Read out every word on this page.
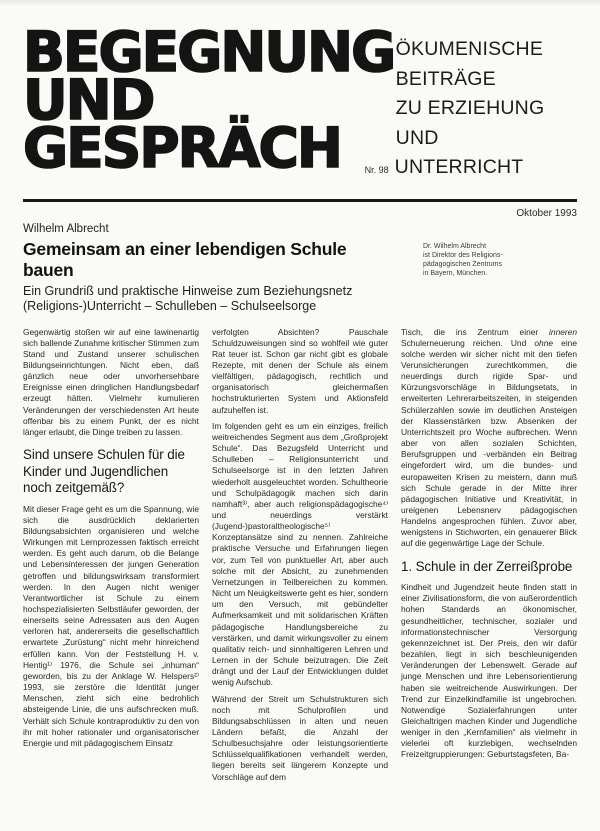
BEGEGNUNG
UND
GESPRÄCH
ÖKUMENISCHE
BEITRÄGE
ZU ERZIEHUNG
UND
Nr. 98 UNTERRICHT
Oktober 1993
Wilhelm Albrecht
Gemeinsam an einer lebendigen Schule bauen
Ein Grundriß und praktische Hinweise zum Beziehungsnetz
(Religions-)Unterricht – Schulleben – Schulseelsorge
Dr. Wilhelm Albrecht
ist Direktor des Religions-
pädagogischen Zentrums
in Bayern, München.

Gegenwärtig stoßen wir auf eine lawinenartig sich ballende Zunahme kritischer Stimmen zum Stand und Zustand unserer schulischen Bildungseinrichtungen. Nicht eben, daß gänzlich neue oder unvorhersehbare Ereignisse einen dringlichen Handlungsbedarf erzeugt hätten. Vielmehr kumulieren Veränderungen der verschiedensten Art heute offenbar bis zu einem Punkt, der es nicht länger erlaubt, die Dinge treiben zu lassen.

Sind unsere Schulen für die Kinder und Jugendlichen noch zeitgemäß?

Mit dieser Frage geht es um die Spannung, wie sich die ausdrücklich deklarierten Bildungsabsichten organisieren und welche Wirkungen mit Lernprozessen faktisch erreicht werden. Es geht auch darum, ob die Belange und Lebensinteressen der jungen Generation getroffen und bildungswirksam transformiert werden. In den Augen nicht weniger Verantwortlicher ist Schule zu einem hochspezialisierten Selbstläufer geworden, der einerseits seine Adressaten aus den Augen verloren hat, andererseits die gesellschaftlich erwartete „Zurüstung“ nicht mehr hinreichend erfüllen kann. Von der Feststellung H. v. Hentig¹⁾ 1976, die Schule sei „inhuman“ geworden, bis zu der Anklage W. Helspers²⁾ 1993, sie zerstöre die Identität junger Menschen, zieht sich eine bedrohlich absteigende Linie, die uns aufschrecken muß. Verhält sich Schule kontraproduktiv zu den von ihr mit hoher rationaler und organisatorischer Energie und mit pädagogischem Einsatz

verfolgten Absichten? Pauschale Schuldzuweisungen sind so wohlfeil wie guter Rat teuer ist. Schon gar nicht gibt es globale Rezepte, mit denen der Schule als einem vielfältigen, pädagogisch, rechtlich und organisatorisch gleichermaßen hochstrukturierten System und Aktionsfeld aufzuhelfen ist.

Im folgenden geht es um ein einziges, freilich weitreichendes Segment aus dem „Großprojekt Schule“. Das Bezugsfeld Unterricht und Schulleben – Religionsunterricht und Schulseelsorge ist in den letzten Jahren wiederholt ausgeleuchtet worden. Schultheorie und Schulpädagogik machen sich darin namhaft³⁾, aber auch religionspädagogische⁴⁾ und neuerdings verstärkt (Jugend-)pastoraltheologische⁵⁾ Konzeptansätze sind zu nennen. Zahlreiche praktische Versuche und Erfahrungen liegen vor, zum Teil von punktueller Art, aber auch solche mit der Absicht, zu zunehmenden Vernetzungen in Teilbereichen zu kommen. Nicht um Neuigkeitswerte geht es hier, sondern um den Versuch, mit gebündelter Aufmerksamkeit und mit solidarischen Kräften pädagogische Handlungsbereiche zu verstärken, und damit wirkungsvoller zu einem qualitativ reich- und sinnhaltigeren Lehren und Lernen in der Schule beizutragen. Die Zeit drängt und der Lauf der Entwicklungen duldet wenig Aufschub.

Während der Streit um Schulstrukturen sich noch mit Schulprofilen und Bildungsabschlüssen in alten und neuen Ländern befaßt, die Anzahl der Schulbesuchsjahre oder leistungsorientierte Schlüsselqualifikationen verhandelt werden, liegen bereits seit längerem Konzepte und Vorschläge auf dem

Tisch, die ins Zentrum einer inneren Schulerneuerung reichen. Und ohne eine solche werden wir sicher nicht mit den tiefen Verunsicherungen zurechtkommen, die neuerdings durch rigide Spar- und Kürzungsvorschläge in Bildungsetats, in erweiterten Lehrerarbeitszeiten, in steigenden Schülerzahlen sowie im deutlichen Ansteigen der Klassenstärken bzw. Absenken der Unterrichtszeit pro Woche aufbrechen. Wenn aber von allen sozialen Schichten, Berufsgruppen und -verbänden ein Beitrag eingefordert wird, um die bundes- und europaweiten Krisen zu meistern, dann muß sich Schule gerade in der Mitte ihrer pädagogischen Initiative und Kreativität, in ureigenen Lebensnerv pädagogischen Handelns angesprochen fühlen. Zuvor aber, wenigstens in Stichworten, ein genauerer Blick auf die gegenwärtige Lage der Schule.

1. Schule in der Zerreißprobe

Kindheit und Jugendzeit heute finden statt in einer Zivilisationsform, die von außerordentlich hohen Standards an ökonomischer, gesundheitlicher, technischer, sozialer und informationstechnischer Versorgung gekennzeichnet ist. Der Preis, den wir dafür bezahlen, liegt in sich beschleunigenden Veränderungen der Lebenswelt. Gerade auf junge Menschen und ihre Lebensorientierung haben sie weitreichende Auswirkungen. Der Trend zur Einzelkindfamilie ist ungebrochen. Notwendige Sozialerfahrungen unter Gleichaltrigen machen Kinder und Jugendliche weniger in den „Kernfamilien“ als vielmehr in vielerlei oft kurzlebigen, wechselnden Freizeitgruppierungen: Geburtstagsfeten, Ba-
